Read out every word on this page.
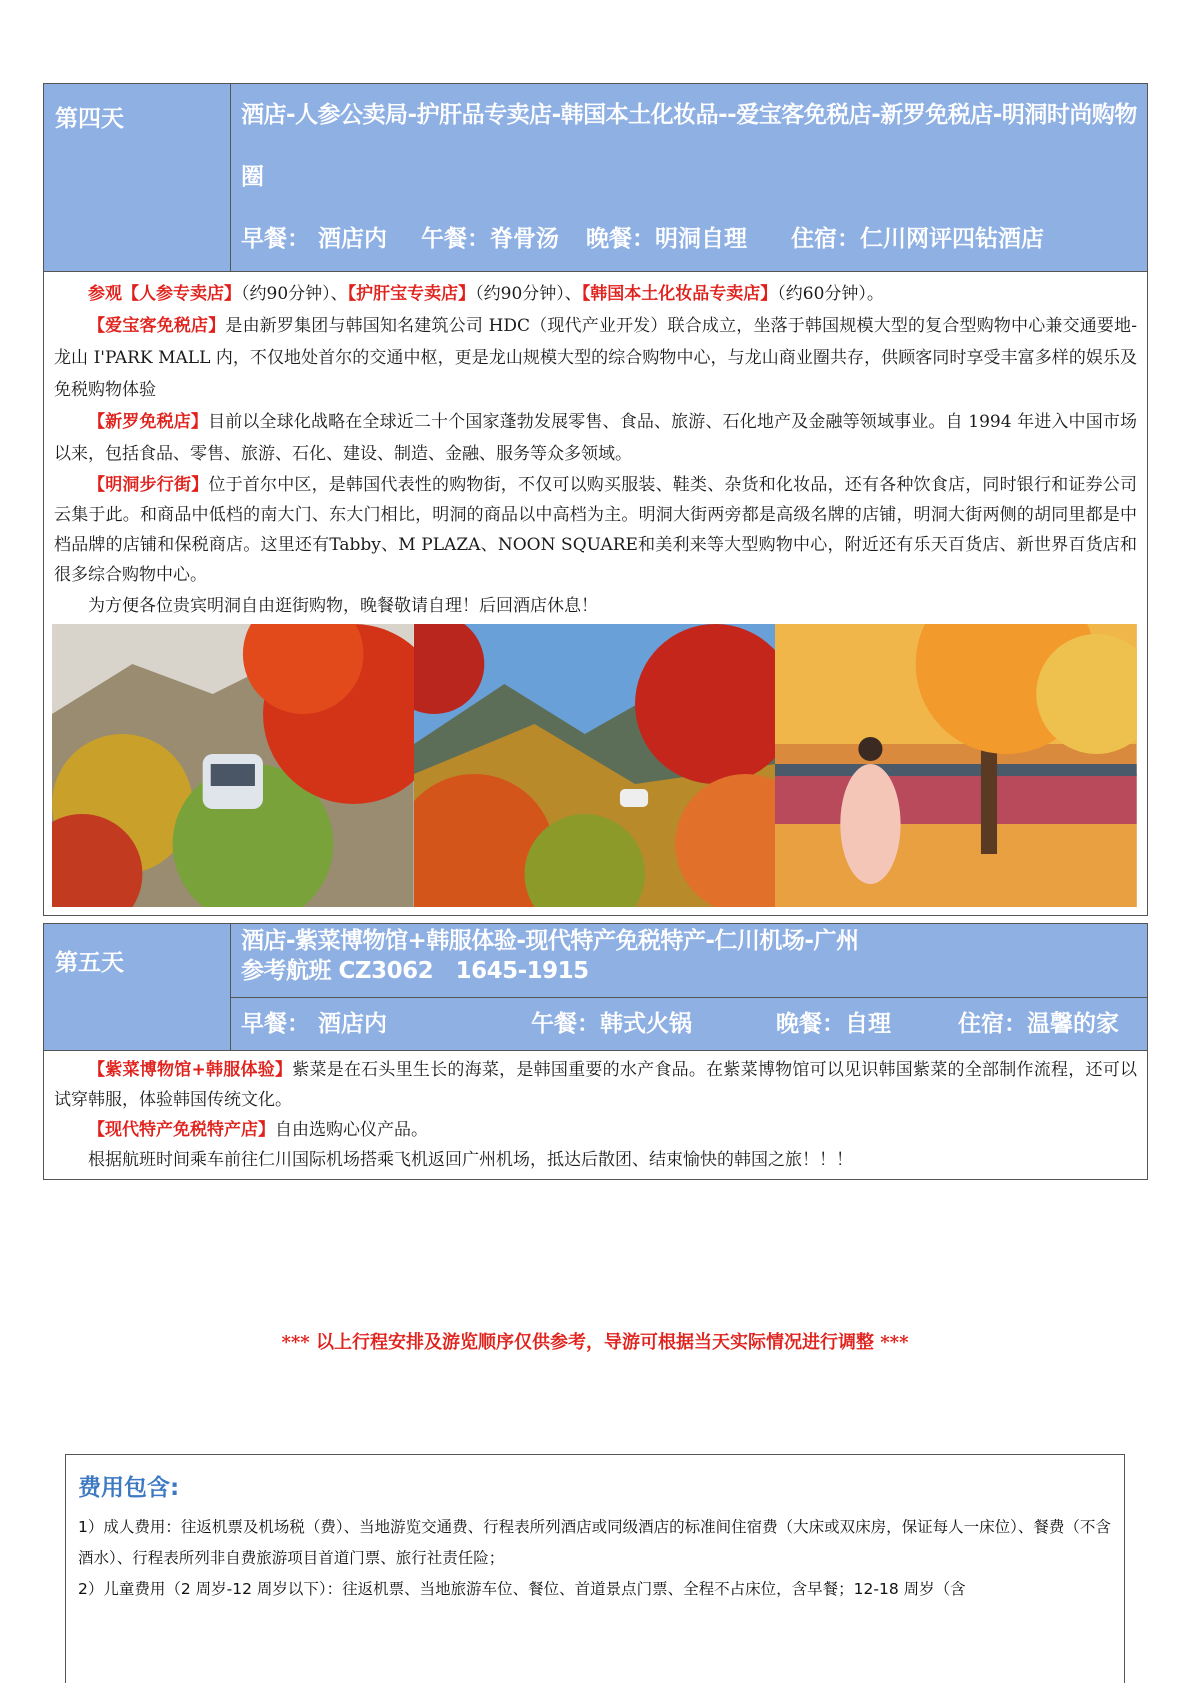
第四天	酒店-人参公卖局-护肝品专卖店-韩国本土化妆品--爱宝客免税店-新罗免税店-明洞时尚购物圈
早餐： 酒店内	午餐：脊骨汤	晚餐：明洞自理	住宿：仁川网评四钻酒店

参观【人参专卖店】（约90分钟）、【护肝宝专卖店】（约90分钟）、【韩国本土化妆品专卖店】（约60分钟）。

【爱宝客免税店】是由新罗集团与韩国知名建筑公司 HDC（现代产业开发）联合成立，坐落于韩国规模大型的复合型购物中心兼交通要地-龙山 I'PARK MALL 内，不仅地处首尔的交通中枢，更是龙山规模大型的综合购物中心，与龙山商业圈共存，供顾客同时享受丰富多样的娱乐及免税购物体验

【新罗免税店】目前以全球化战略在全球近二十个国家蓬勃发展零售、食品、旅游、石化地产及金融等领域事业。自 1994 年进入中国市场以来，包括食品、零售、旅游、石化、建设、制造、金融、服务等众多领域。

【明洞步行街】位于首尔中区，是韩国代表性的购物街，不仅可以购买服装、鞋类、杂货和化妆品，还有各种饮食店，同时银行和证券公司云集于此。和商品中低档的南大门、东大门相比，明洞的商品以中高档为主。明洞大街两旁都是高级名牌的店铺，明洞大街两侧的胡同里都是中档品牌的店铺和保税商店。这里还有Tabby、M PLAZA、NOON SQUARE和美利来等大型购物中心，附近还有乐天百货店、新世界百货店和很多综合购物中心。

为方便各位贵宾明洞自由逛街购物，晚餐敬请自理！后回酒店休息！

第五天	
酒店-紫菜博物馆+韩服体验-现代特产免税特产-仁川机场-广州
参考航班 CZ3062　1645-1915
早餐： 酒店内	午餐：韩式火锅	晚餐：自理	住宿：温馨的家

【紫菜博物馆+韩服体验】紫菜是在石头里生长的海菜，是韩国重要的水产食品。在紫菜博物馆可以见识韩国紫菜的全部制作流程，还可以试穿韩服，体验韩国传统文化。

【现代特产免税特产店】自由选购心仪产品。

根据航班时间乘车前往仁川国际机场搭乘飞机返回广州机场，抵达后散团、结束愉快的韩国之旅！！！

*** 以上行程安排及游览顺序仅供参考，导游可根据当天实际情况进行调整 ***
费用包含:

1）成人费用：往返机票及机场税（费）、当地游览交通费、行程表所列酒店或同级酒店的标准间住宿费（大床或双床房，保证每人一床位）、餐费（不含酒水）、行程表所列非自费旅游项目首道门票、旅行社责任险；

2）儿童费用（2 周岁-12 周岁以下）：往返机票、当地旅游车位、餐位、首道景点门票、全程不占床位，含早餐；12-18 周岁（含
